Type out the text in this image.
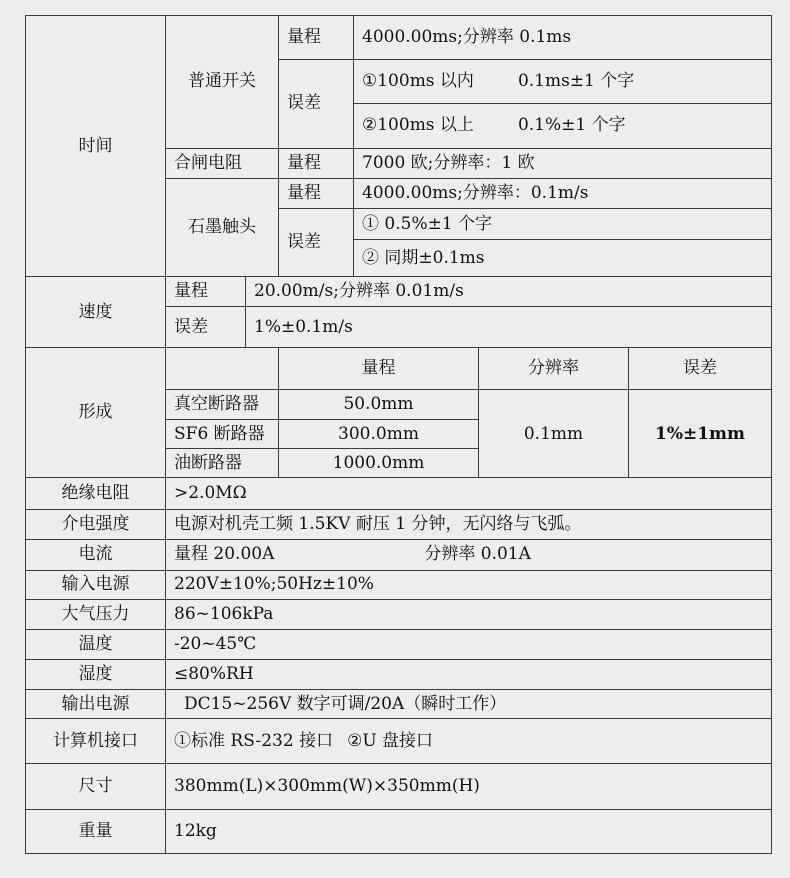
时间	普通开关		量程	4000.00ms;分辨率 0.1ms		
			误差	①100ms 以内 0.1ms±1 个字		
				②100ms 以上 0.1%±1 个字		
	合闸电阻		量程	7000 欧;分辨率：1 欧		
	石墨触头		量程	4000.00ms;分辨率：0.1m/s		
			误差	① 0.5%±1 个字		

				② 同期±0.1ms		
速度	量程	20.00m/s;分辨率 0.01m/s				
	误差	1%±0.1m/s				
形成			量程		分辨率	误差
	真空断路器		50.0mm		0.1mm	1%±1mm
	SF6 断路器		300.0mm			
	油断路器		1000.0mm			
绝缘电阻	>2.0MΩ					
介电强度	电源对机壳工频 1.5KV 耐压 1 分钟，无闪络与飞弧。					
电流	量程 20.00A 分辨率 0.01A					
输入电源	220V±10%;50Hz±10%					
大气压力	86~106kPa					
温度	-20~45℃					
湿度	≤80%RH					
输出电源	DC15~256V 数字可调/20A（瞬时工作）					
计算机接口	①标准 RS-232 接口 ②U 盘接口					
尺寸	380mm(L)×300mm(W)×350mm(H)					
重量	12kg					
